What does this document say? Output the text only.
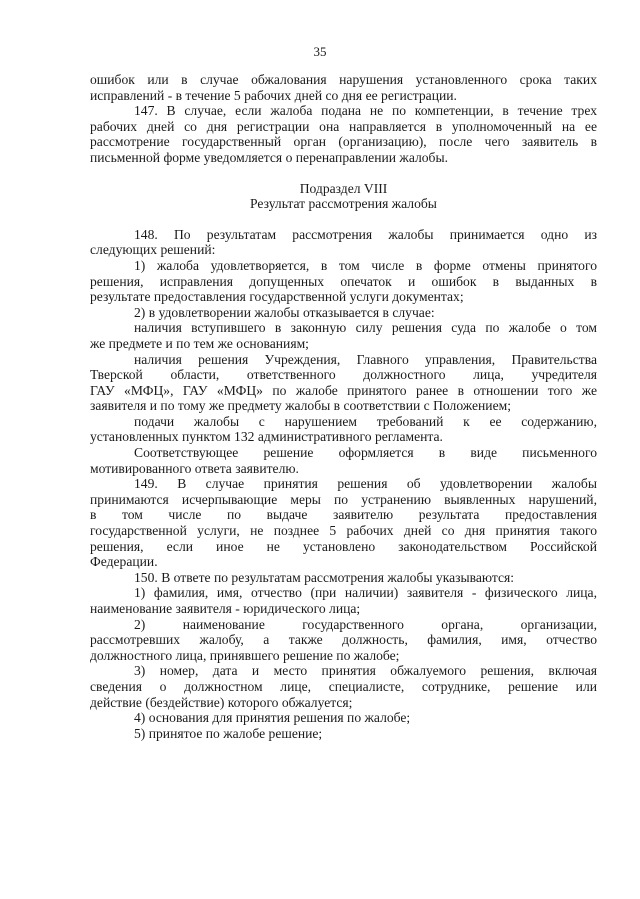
35
ошибок или в случае обжалования нарушения установленного срока таких
исправлений - в течение 5 рабочих дней со дня ее регистрации.
147. В случае, если жалоба подана не по компетенции, в течение трех
рабочих дней со дня регистрации она направляется в уполномоченный на ее
рассмотрение государственный орган (организацию), после чего заявитель в
письменной форме уведомляется о перенаправлении жалобы.
Подраздел VIII
Результат рассмотрения жалобы
148. По результатам рассмотрения жалобы принимается одно из
следующих решений:
1) жалоба удовлетворяется, в том числе в форме отмены принятого
решения, исправления допущенных опечаток и ошибок в выданных в
результате предоставления государственной услуги документах;
2) в удовлетворении жалобы отказывается в случае:
наличия вступившего в законную силу решения суда по жалобе о том
же предмете и по тем же основаниям;
наличия решения Учреждения, Главного управления, Правительства
Тверской области, ответственного должностного лица, учредителя
ГАУ «МФЦ», ГАУ «МФЦ» по жалобе принятого ранее в отношении того же
заявителя и по тому же предмету жалобы в соответствии с Положением;
подачи жалобы с нарушением требований к ее содержанию,
установленных пунктом 132 административного регламента.
Соответствующее решение оформляется в виде письменного
мотивированного ответа заявителю.
149. В случае принятия решения об удовлетворении жалобы
принимаются исчерпывающие меры по устранению выявленных нарушений,
в том числе по выдаче заявителю результата предоставления
государственной услуги, не позднее 5 рабочих дней со дня принятия такого
решения, если иное не установлено законодательством Российской
Федерации.
150. В ответе по результатам рассмотрения жалобы указываются:
1) фамилия, имя, отчество (при наличии) заявителя - физического лица,
наименование заявителя - юридического лица;
2) наименование государственного органа, организации,
рассмотревших жалобу, а также должность, фамилия, имя, отчество
должностного лица, принявшего решение по жалобе;
3) номер, дата и место принятия обжалуемого решения, включая
сведения о должностном лице, специалисте, сотруднике, решение или
действие (бездействие) которого обжалуется;
4) основания для принятия решения по жалобе;
5) принятое по жалобе решение;
